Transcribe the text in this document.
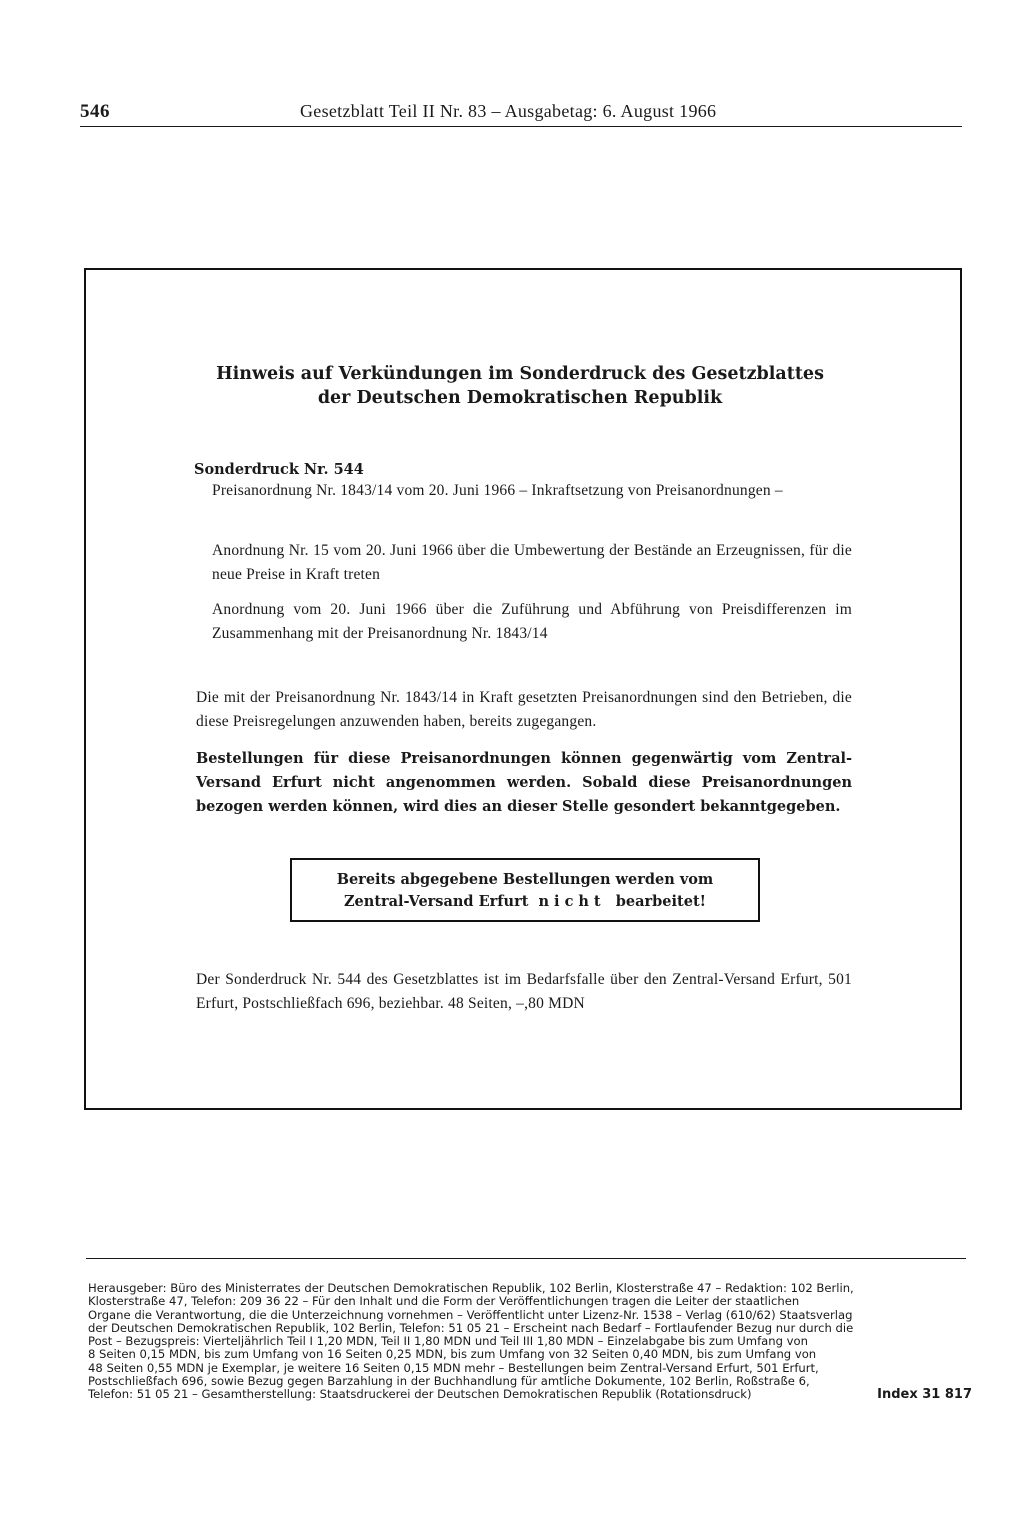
546	Gesetzblatt Teil II Nr. 83 – Ausgabetag: 6. August 1966
Hinweis auf Verkündungen im Sonderdruck des Gesetzblattes
der Deutschen Demokratischen Republik
Sonderdruck Nr. 544
Preisanordnung Nr. 1843/14 vom 20. Juni 1966 – Inkraftsetzung von Preisanordnungen –
Anordnung Nr. 15 vom 20. Juni 1966 über die Umbewertung der Bestände an Erzeugnissen, für die neue Preise in Kraft treten
Anordnung vom 20. Juni 1966 über die Zuführung und Abführung von Preisdifferenzen im Zusammenhang mit der Preisanordnung Nr. 1843/14
Die mit der Preisanordnung Nr. 1843/14 in Kraft gesetzten Preisanordnungen sind den Betrieben, die diese Preisregelungen anzuwenden haben, bereits zugegangen.
Bestellungen für diese Preisanordnungen können gegenwärtig vom Zentral-Versand Erfurt nicht angenommen werden. Sobald diese Preisanordnungen bezogen werden können, wird dies an dieser Stelle gesondert bekanntgegeben.
Bereits abgegebene Bestellungen werden vom
Zentral-Versand Erfurt nicht bearbeitet!
Der Sonderdruck Nr. 544 des Gesetzblattes ist im Bedarfsfalle über den Zentral-Versand Erfurt, 501 Erfurt, Postschließfach 696, beziehbar. 48 Seiten, –,80 MDN
Herausgeber: Büro des Ministerrates der Deutschen Demokratischen Republik, 102 Berlin, Klosterstraße 47 – Redaktion: 102 Berlin,
Klosterstraße 47, Telefon: 209 36 22 – Für den Inhalt und die Form der Veröffentlichungen tragen die Leiter der staatlichen
Organe die Verantwortung, die die Unterzeichnung vornehmen – Veröffentlicht unter Lizenz-Nr. 1538 – Verlag (610/62) Staatsverlag
der Deutschen Demokratischen Republik, 102 Berlin, Telefon: 51 05 21 – Erscheint nach Bedarf – Fortlaufender Bezug nur durch die
Post – Bezugspreis: Vierteljährlich Teil I 1,20 MDN, Teil II 1,80 MDN und Teil III 1,80 MDN – Einzelabgabe bis zum Umfang von
8 Seiten 0,15 MDN, bis zum Umfang von 16 Seiten 0,25 MDN, bis zum Umfang von 32 Seiten 0,40 MDN, bis zum Umfang von
48 Seiten 0,55 MDN je Exemplar, je weitere 16 Seiten 0,15 MDN mehr – Bestellungen beim Zentral-Versand Erfurt, 501 Erfurt,
Postschließfach 696, sowie Bezug gegen Barzahlung in der Buchhandlung für amtliche Dokumente, 102 Berlin, Roßstraße 6,
Telefon: 51 05 21 – Gesamtherstellung: Staatsdruckerei der Deutschen Demokratischen Republik (Rotationsdruck)	Index 31 817
